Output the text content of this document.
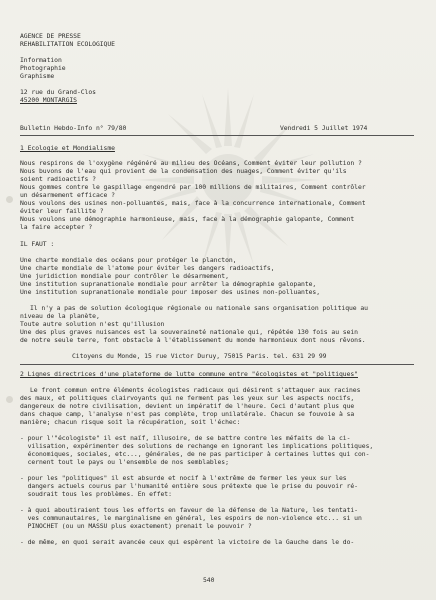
AGENCE DE PRESSE
REHABILITATION ECOLOGIQUE
Information
Photographie
Graphisme
12 rue du Grand-Clos
45200 MONTARGIS
Bulletin Hebdo-Info n° 79/80	Vendredi 5 Juillet 1974
1 Ecologie et Mondialisme
Nous respirons de l'oxygène régénéré au milieu des Océans, Comment éviter leur pollution ?
Nous buvons de l'eau qui provient de la condensation des nuages, Comment éviter qu'ils
soient radioactifs ?
Nous gommes contre le gaspillage engendré par 100 millions de militaires, Comment contrôler
un désarmement efficace ?
Nous voulons des usines non-polluantes, mais, face à la concurrence internationale, Comment
éviter leur faillite ?
Nous voulons une démographie harmonieuse, mais, face à la démographie galopante, Comment
la faire accepter ?
IL FAUT :
Une charte mondiale des océans pour protéger le plancton,
Une charte mondiale de l'atome pour éviter les dangers radioactifs,
Une juridiction mondiale pour contrôler le désarmement,
Une institution supranationale mondiale pour arrêter la démographie galopante,
Une institution supranationale mondiale pour imposer des usines non-polluantes,
Il n'y a pas de solution écologique régionale ou nationale sans organisation politique au
niveau de la planète,
Toute autre solution n'est qu'illusion
Une des plus graves nuisances est la souveraineté nationale qui, répétée 130 fois au sein
de notre seule terre, font obstacle à l'établissement du monde harmonieux dont nous rêvons.
Citoyens du Monde, 15 rue Victor Duruy, 75015 Paris. tel. 631 29 99
2 Lignes directrices d'une plateforme de lutte commune entre "écologistes et "politiques"
Le front commun entre éléments écologistes radicaux qui désirent s'attaquer aux racines
des maux, et politiques clairvoyants qui ne ferment pas les yeux sur les aspects nocifs,
dangereux de notre civilisation, devient un impératif de l'heure. Ceci d'autant plus que
dans chaque camp, l'analyse n'est pas complète, trop unilatérale. Chacun se fouvoie à sa
manière; chacun risque soit la récupération, soit l'échec:
- pour l'"écologiste" il est naïf, illusoire, de se battre contre les méfaits de la ci-
vilisation, expérimenter des solutions de rechange en ignorant les implications politiques,
économiques, sociales, etc..., générales, de ne pas participer à certaines luttes qui con-
cernent tout le pays ou l'ensemble de nos semblables;
- pour les "politiques" il est absurde et nocif à l'extrême de fermer les yeux sur les
dangers actuels courus par l'humanité entière sous prétexte que le prise du pouvoir ré-
soudrait tous les problèmes. En effet:
- à quoi aboutiraient tous les efforts en faveur de la défense de la Nature, les tentati-
ves communautaires, le marginalisme en général, les espoirs de non-violence etc... si un
PINOCHET (ou un MASSU plus exactement) prenait le pouvoir ?
- de même, en quoi serait avancée ceux qui espèrent la victoire de la Gauche dans le do-
540
